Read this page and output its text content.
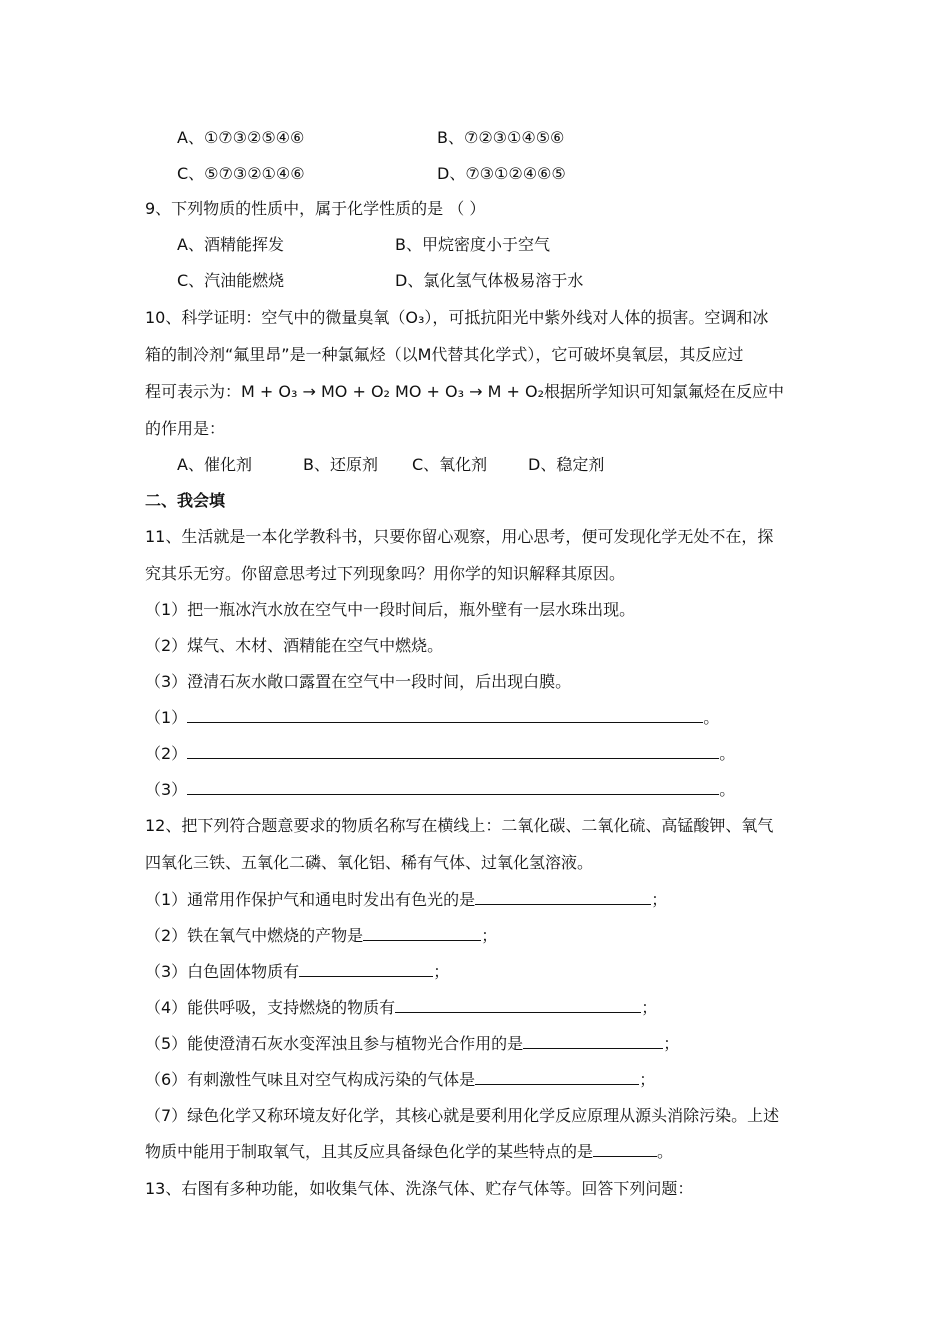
A、①⑦③②⑤④⑥	B、⑦②③①④⑤⑥
C、⑤⑦③②①④⑥	D、⑦③①②④⑥⑤
9、下列物质的性质中，属于化学性质的是 （ ）
A、酒精能挥发	B、甲烷密度小于空气
C、汽油能燃烧	D、氯化氢气体极易溶于水
10、科学证明：空气中的微量臭氧（O₃），可抵抗阳光中紫外线对人体的损害。空调和冰
箱的制冷剂“氟里昂”是一种氯氟烃（以M代替其化学式），它可破坏臭氧层，其反应过
程可表示为：M + O₃ → MO + O₂ MO + O₃ → M + O₂根据所学知识可知氯氟烃在反应中
的作用是：
A、催化剂	B、还原剂 C、氧化剂	D、稳定剂
二、我会填
11、生活就是一本化学教科书，只要你留心观察，用心思考，便可发现化学无处不在，探
究其乐无穷。你留意思考过下列现象吗？用你学的知识解释其原因。
（1）把一瓶冰汽水放在空气中一段时间后，瓶外壁有一层水珠出现。
（2）煤气、木材、酒精能在空气中燃烧。
（3）澄清石灰水敞口露置在空气中一段时间，后出现白膜。
（1）	。
（2）	。
（3）	。
12、把下列符合题意要求的物质名称写在横线上：二氧化碳、二氧化硫、高锰酸钾、氧气
四氧化三铁、五氧化二磷、氧化铝、稀有气体、过氧化氢溶液。
（1）通常用作保护气和通电时发出有色光的是	；
（2）铁在氧气中燃烧的产物是	；
（3）白色固体物质有	；
（4）能供呼吸，支持燃烧的物质有	；
（5）能使澄清石灰水变浑浊且参与植物光合作用的是	；
（6）有刺激性气味且对空气构成污染的气体是	；
（7）绿色化学又称环境友好化学，其核心就是要利用化学反应原理从源头消除污染。上述
物质中能用于制取氧气，且其反应具备绿色化学的某些特点的是	。
13、右图有多种功能，如收集气体、洗涤气体、贮存气体等。回答下列问题：
